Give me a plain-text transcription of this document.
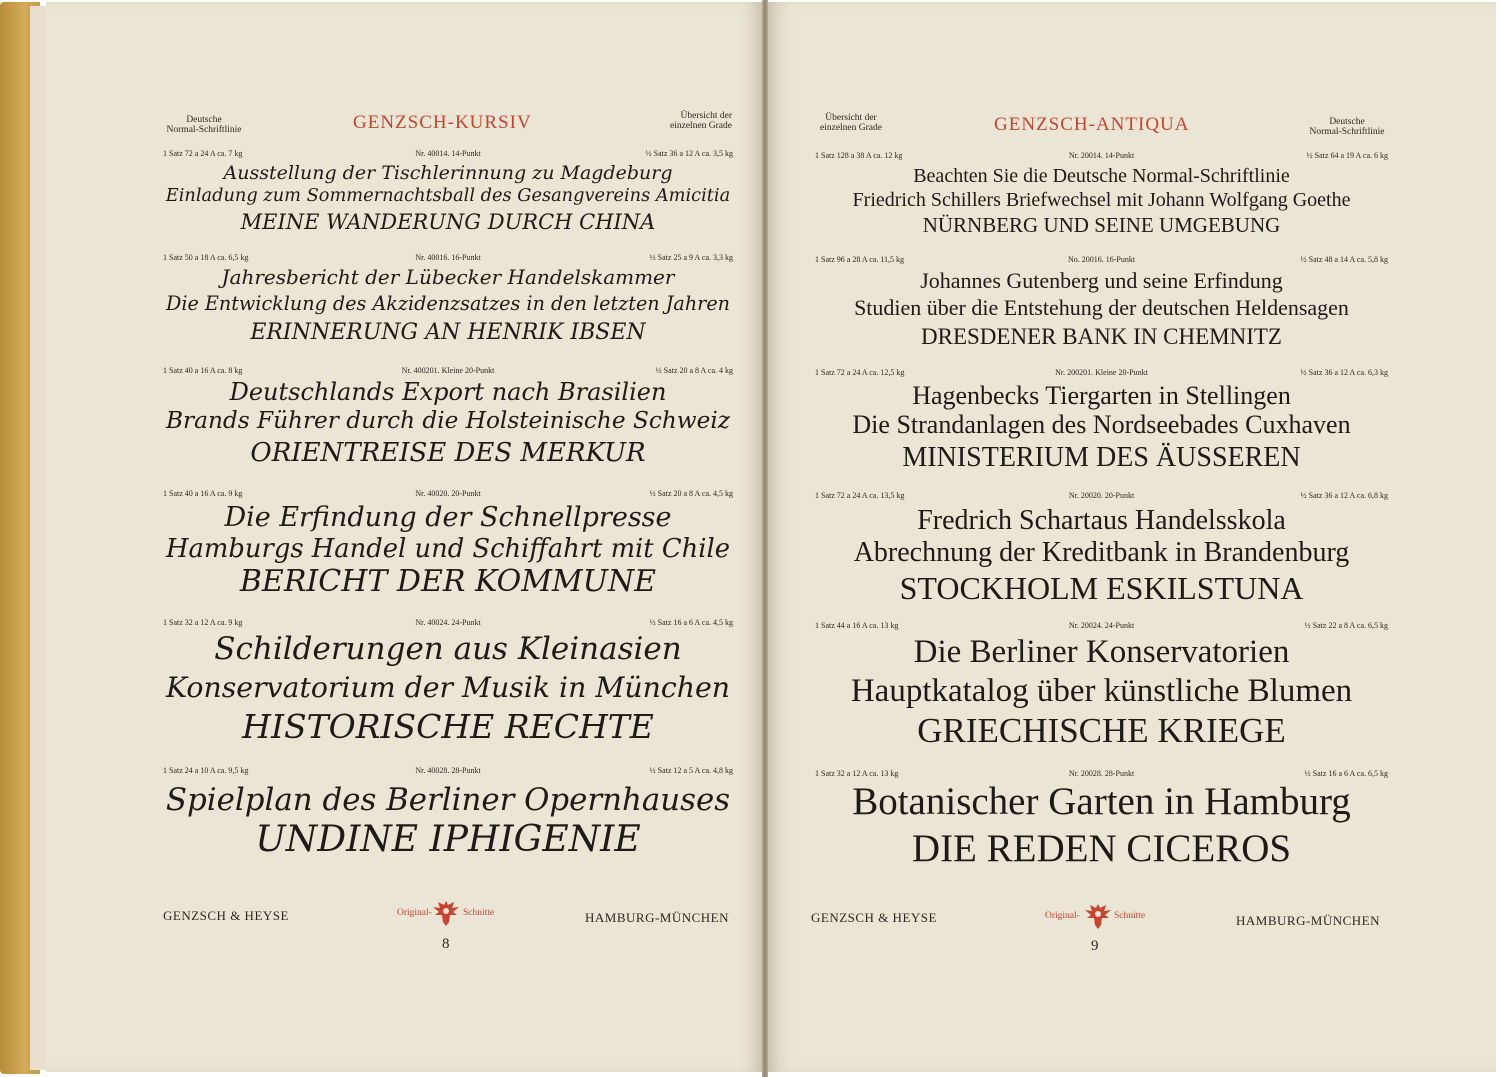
Deutsche
Normal-Schriftlinie	GENZSCH-KURSIV	Übersicht der
einzelnen Grade
Übersicht der
einzelnen Grade	GENZSCH-ANTIQUA	Deutsche
Normal-Schriftlinie
1 Satz 72 a 24 A ca. 7 kg	Nr. 40014. 14-Punkt	½ Satz 36 a 12 A ca. 3,5 kg
Ausstellung der Tischlerinnung zu Magdeburg
Einladung zum Sommernachtsball des Gesangvereins Amicitia
MEINE WANDERUNG DURCH CHINA
1 Satz 50 a 18 A ca. 6,5 kg	Nr. 40016. 16-Punkt	½ Satz 25 a 9 A ca. 3,3 kg
Jahresbericht der Lübecker Handelskammer
Die Entwicklung des Akzidenzsatzes in den letzten Jahren
ERINNERUNG AN HENRIK IBSEN
1 Satz 40 a 16 A ca. 8 kg	Nr. 400201. Kleine 20-Punkt	½ Satz 20 a 8 A ca. 4 kg
Deutschlands Export nach Brasilien
Brands Führer durch die Holsteinische Schweiz
ORIENTREISE DES MERKUR
1 Satz 40 a 16 A ca. 9 kg	Nr. 40020. 20-Punkt	½ Satz 20 a 8 A ca. 4,5 kg
Die Erfindung der Schnellpresse
Hamburgs Handel und Schiffahrt mit Chile
BERICHT DER KOMMUNE
1 Satz 32 a 12 A ca. 9 kg	Nr. 40024. 24-Punkt	½ Satz 16 a 6 A ca. 4,5 kg
Schilderungen aus Kleinasien
Konservatorium der Musik in München
HISTORISCHE RECHTE
1 Satz 24 a 10 A ca. 9,5 kg	Nr. 40028. 28-Punkt	½ Satz 12 a 5 A ca. 4,8 kg
Spielplan des Berliner Opernhauses
UNDINE IPHIGENIE
1 Satz 128 a 38 A ca. 12 kg	Nr. 20014. 14-Punkt	½ Satz 64 a 19 A ca. 6 kg
Beachten Sie die Deutsche Normal-Schriftlinie
Friedrich Schillers Briefwechsel mit Johann Wolfgang Goethe
NÜRNBERG UND SEINE UMGEBUNG
1 Satz 96 a 28 A ca. 11,5 kg	No. 20016. 16-Punkt	½ Satz 48 a 14 A ca. 5,8 kg
Johannes Gutenberg und seine Erfindung
Studien über die Entstehung der deutschen Heldensagen
DRESDENER BANK IN CHEMNITZ
1 Satz 72 a 24 A ca. 12,5 kg	Nr. 200201. Kleine 20-Punkt	½ Satz 36 a 12 A ca. 6,3 kg
Hagenbecks Tiergarten in Stellingen
Die Strandanlagen des Nordseebades Cuxhaven
MINISTERIUM DES ÄUSSEREN
1 Satz 72 a 24 A ca. 13,5 kg	Nr. 20020. 20-Punkt	½ Satz 36 a 12 A ca. 6,8 kg
Fredrich Schartaus Handelsskola
Abrechnung der Kreditbank in Brandenburg
STOCKHOLM ESKILSTUNA
1 Satz 44 a 16 A ca. 13 kg	Nr. 20024. 24-Punkt	½ Satz 22 a 8 A ca. 6,5 kg
Die Berliner Konservatorien
Hauptkatalog über künstliche Blumen
GRIECHISCHE KRIEGE
1 Satz 32 a 12 A ca. 13 kg	Nr. 20028. 28-Punkt	½ Satz 16 a 6 A ca. 6,5 kg
Botanischer Garten in Hamburg
DIE REDEN CICEROS
GENZSCH & HEYSE	Original-	Schnitte	HAMBURG-MÜNCHEN
8
GENZSCH & HEYSE	Original-	Schnitte	HAMBURG-MÜNCHEN
9
